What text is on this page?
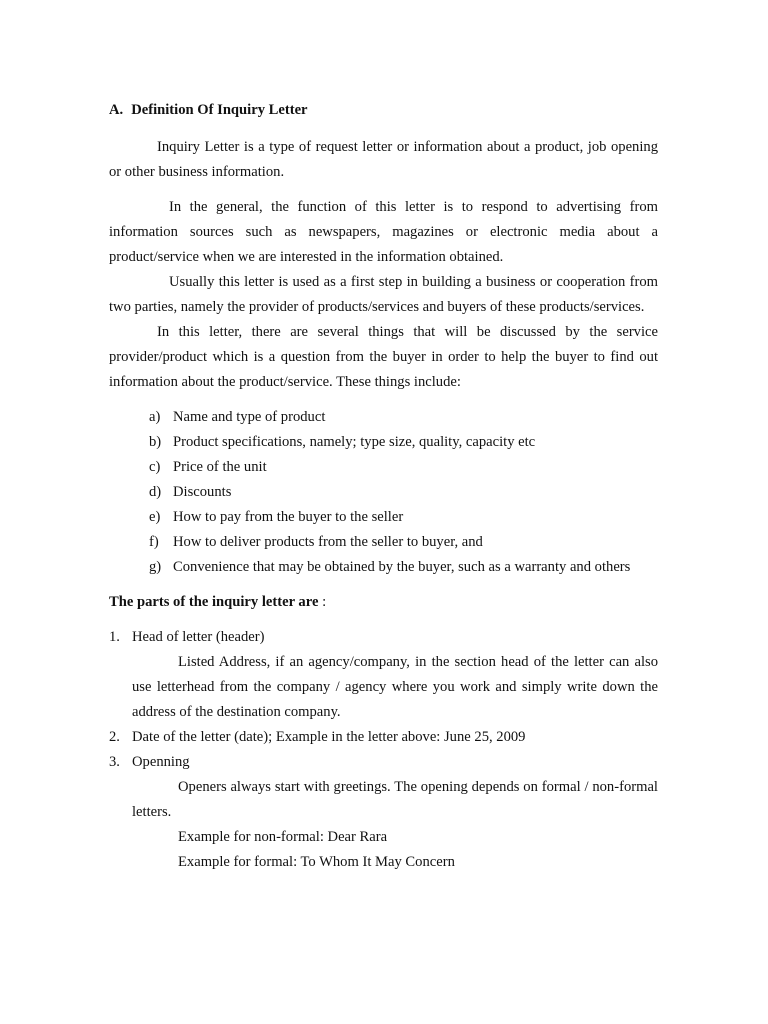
A. Definition Of Inquiry Letter

Inquiry Letter is a type of request letter or information about a product, job opening or other business information.

In the general, the function of this letter is to respond to advertising from information sources such as newspapers, magazines or electronic media about a product/service when we are interested in the information obtained.

Usually this letter is used as a first step in building a business or cooperation from two parties, namely the provider of products/services and buyers of these products/services.

In this letter, there are several things that will be discussed by the service provider/product which is a question from the buyer in order to help the buyer to find out information about the product/service. These things include:

a) Name and type of product
b) Product specifications, namely; type size, quality, capacity etc
c) Price of the unit
d) Discounts
e) How to pay from the buyer to the seller
f) How to deliver products from the seller to buyer, and
g) Convenience that may be obtained by the buyer, such as a warranty and others
The parts of the inquiry letter are :
1. Head of letter (header)

Listed Address, if an agency/company, in the section head of the letter can also use letterhead from the company / agency where you work and simply write down the address of the destination company.

2. Date of the letter (date); Example in the letter above: June 25, 2009
3. Openning

Openers always start with greetings. The opening depends on formal / non-formal letters.

Example for non-formal: Dear Rara
Example for formal: To Whom It May Concern
